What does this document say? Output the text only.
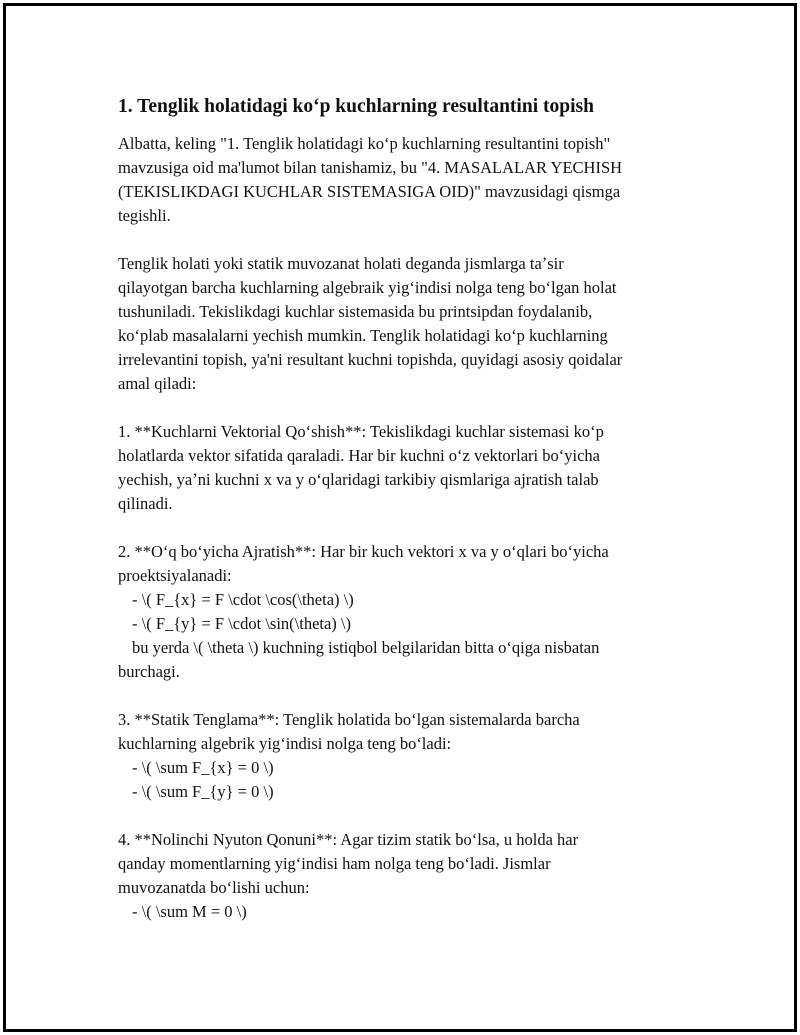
1. Tenglik holatidagi koʻp kuchlarning resultantini topish
Albatta, keling "1. Tenglik holatidagi koʻp kuchlarning resultantini topish"
mavzusiga oid ma'lumot bilan tanishamiz, bu "4. MASALALAR YECHISH
(TEKISLIKDAGI KUCHLAR SISTEMASIGA OID)" mavzusidagi qismga
tegishli.
Tenglik holati yoki statik muvozanat holati deganda jismlarga taʼsir
qilayotgan barcha kuchlarning algebraik yigʻindisi nolga teng boʻlgan holat
tushuniladi. Tekislikdagi kuchlar sistemasida bu printsipdan foydalanib,
koʻplab masalalarni yechish mumkin. Tenglik holatidagi koʻp kuchlarning
irrelevantini topish, ya'ni resultant kuchni topishda, quyidagi asosiy qoidalar
amal qiladi:
1. **Kuchlarni Vektorial Qoʻshish**: Tekislikdagi kuchlar sistemasi koʻp
holatlarda vektor sifatida qaraladi. Har bir kuchni oʻz vektorlari boʻyicha
yechish, yaʼni kuchni x va y oʻqlaridagi tarkibiy qismlariga ajratish talab
qilinadi.
2. **Oʻq boʻyicha Ajratish**: Har bir kuch vektori x va y oʻqlari boʻyicha
proektsiyalanadi:
- \( F_{x} = F \cdot \cos(\theta) \)
- \( F_{y} = F \cdot \sin(\theta) \)
bu yerda \( \theta \) kuchning istiqbol belgilaridan bitta oʻqiga nisbatan
burchagi.
3. **Statik Tenglama**: Tenglik holatida boʻlgan sistemalarda barcha
kuchlarning algebrik yigʻindisi nolga teng boʻladi:
- \( \sum F_{x} = 0 \)
- \( \sum F_{y} = 0 \)
4. **Nolinchi Nyuton Qonuni**: Agar tizim statik boʻlsa, u holda har
qanday momentlarning yigʻindisi ham nolga teng boʻladi. Jismlar
muvozanatda boʻlishi uchun:
- \( \sum M = 0 \)
